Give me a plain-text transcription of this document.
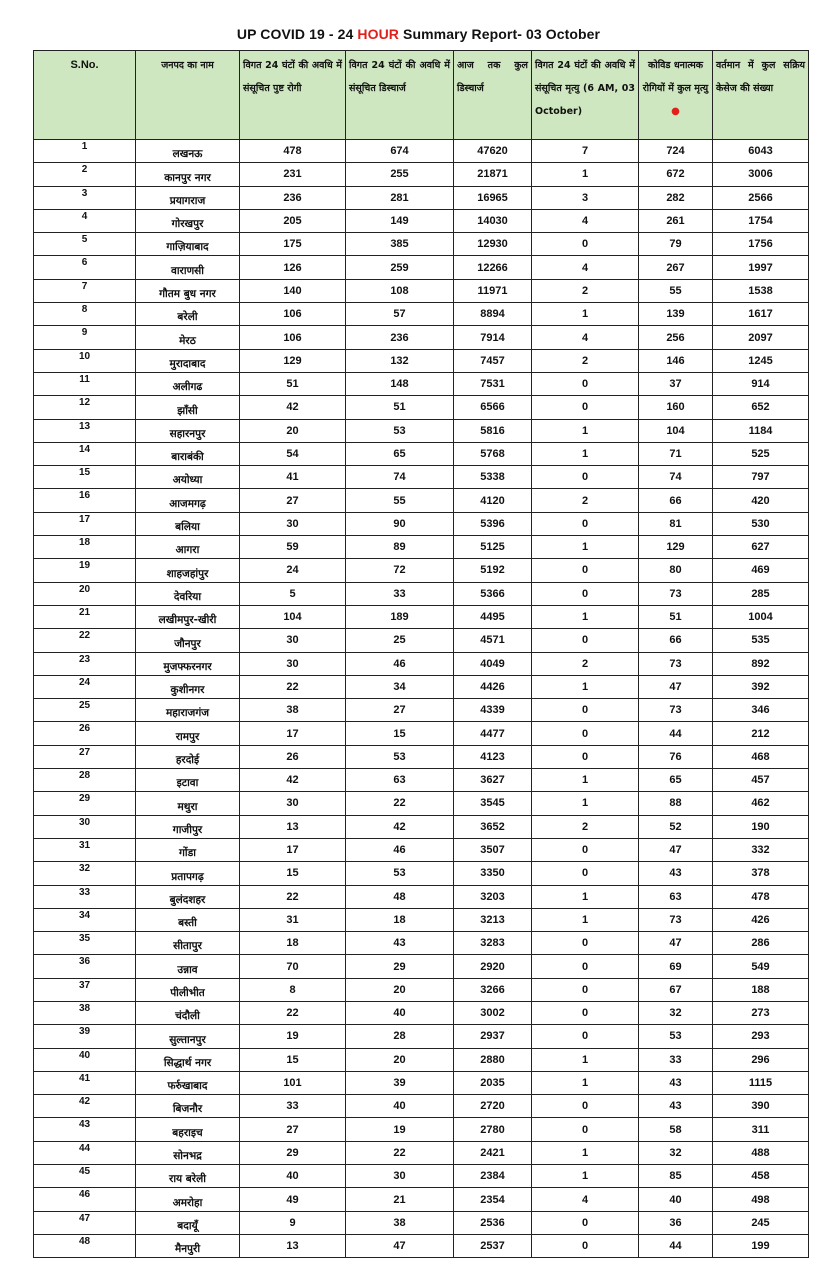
UP COVID 19 - 24 HOUR Summary Report- 03 October
S.No.	जनपद का नाम	विगत 24 घंटों की अवधि में संसूचित पुष्ट रोगी	विगत 24 घंटों की अवधि में संसूचित डिस्चार्ज	आज तक कुल डिस्चार्ज	विगत 24 घंटों की अवधि में संसूचित मृत्यु (6 AM, 03 October)	कोविड धनात्मक रोगियों में कुल मृत्यु ●	वर्तमान में कुल सक्रिय केसेज की संख्या
1	लखनऊ	478	674	47620	7	724	6043
2	कानपुर नगर	231	255	21871	1	672	3006
3	प्रयागराज	236	281	16965	3	282	2566
4	गोरखपुर	205	149	14030	4	261	1754
5	गाज़ियाबाद	175	385	12930	0	79	1756
6	वाराणसी	126	259	12266	4	267	1997
7	गौतम बुध नगर	140	108	11971	2	55	1538
8	बरेली	106	57	8894	1	139	1617
9	मेरठ	106	236	7914	4	256	2097
10	मुरादाबाद	129	132	7457	2	146	1245
11	अलीगढ	51	148	7531	0	37	914
12	झाँसी	42	51	6566	0	160	652
13	सहारनपुर	20	53	5816	1	104	1184
14	बाराबंकी	54	65	5768	1	71	525
15	अयोध्या	41	74	5338	0	74	797
16	आजमगढ़	27	55	4120	2	66	420
17	बलिया	30	90	5396	0	81	530
18	आगरा	59	89	5125	1	129	627
19	शाहजहांपुर	24	72	5192	0	80	469
20	देवरिया	5	33	5366	0	73	285
21	लखीमपुर-खीरी	104	189	4495	1	51	1004
22	जौनपुर	30	25	4571	0	66	535
23	मुजफ्फरनगर	30	46	4049	2	73	892
24	कुशीनगर	22	34	4426	1	47	392
25	महाराजगंज	38	27	4339	0	73	346
26	रामपुर	17	15	4477	0	44	212
27	हरदोई	26	53	4123	0	76	468
28	इटावा	42	63	3627	1	65	457
29	मथुरा	30	22	3545	1	88	462
30	गाजीपुर	13	42	3652	2	52	190
31	गोंडा	17	46	3507	0	47	332
32	प्रतापगढ़	15	53	3350	0	43	378
33	बुलंदशहर	22	48	3203	1	63	478
34	बस्ती	31	18	3213	1	73	426
35	सीतापुर	18	43	3283	0	47	286
36	उन्नाव	70	29	2920	0	69	549
37	पीलीभीत	8	20	3266	0	67	188
38	चंदौली	22	40	3002	0	32	273
39	सुल्तानपुर	19	28	2937	0	53	293
40	सिद्धार्थ नगर	15	20	2880	1	33	296
41	फर्रुखाबाद	101	39	2035	1	43	1115
42	बिजनौर	33	40	2720	0	43	390
43	बहराइच	27	19	2780	0	58	311
44	सोनभद्र	29	22	2421	1	32	488
45	राय बरेली	40	30	2384	1	85	458
46	अमरोहा	49	21	2354	4	40	498
47	बदायूँ	9	38	2536	0	36	245
48	मैनपुरी	13	47	2537	0	44	199
